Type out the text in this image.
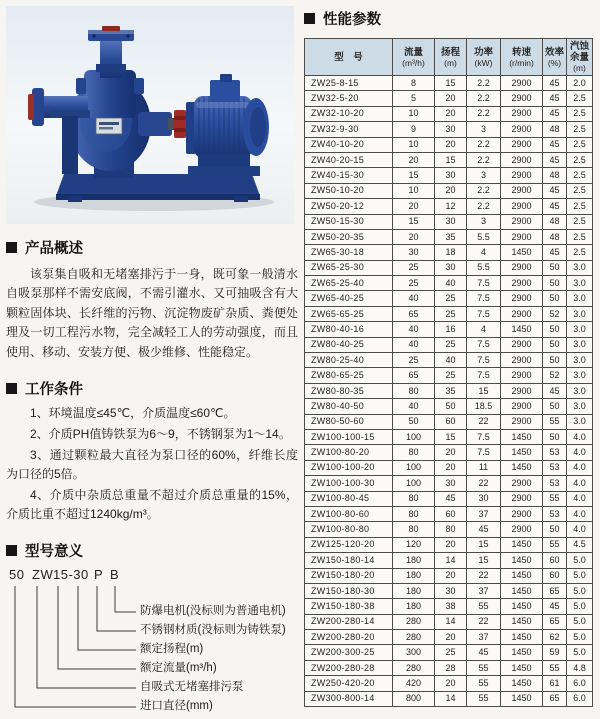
产品概述

该泵集自吸和无堵塞排污于一身，既可象一般清水自吸泵那样不需安底阀，不需引灌水、又可抽吸含有大颗粒固体块、长纤维的污物、沉淀物废矿杂质、粪便处理及一切工程污水物，完全减轻工人的劳动强度，而且使用、移动、安装方便、极少维修、性能稳定。

工作条件

1、环境温度≤45℃，介质温度≤60℃。

2、介质PH值铸铁泵为6～9，不锈钢泵为1～14。

3、通过颗粒最大直径为泵口径的60%，纤维长度为口径的5倍。

4、介质中杂质总重量不超过介质总重量的15%，介质比重不超过1240kg/m³。

型号意义
50 ZW 15-30 P B
防爆电机(没标则为普通电机)
不锈钢材质(没标则为铸铁泵)
额定扬程(m)
额定流量(m³/h)
自吸式无堵塞排污泵
进口直径(mm)
性能参数
型　号	流量
(m³/h)

扬程
(m)

功率
(kW)

转速
(r/min)

效率
(%)

汽蚀余量
(m)

ZW25-8-15	8	15	2.2	2900	45	2.0
ZW32-5-20	5	20	2.2	2900	45	2.5
ZW32-10-20	10	20	2.2	2900	45	2.5
ZW32-9-30	9	30	3	2900	48	2.5
ZW40-10-20	10	20	2.2	2900	45	2.5
ZW40-20-15	20	15	2.2	2900	45	2.5
ZW40-15-30	15	30	3	2900	48	2.5
ZW50-10-20	10	20	2.2	2900	45	2.5
ZW50-20-12	20	12	2.2	2900	45	2.5
ZW50-15-30	15	30	3	2900	48	2.5
ZW50-20-35	20	35	5.5	2900	48	2.5
ZW65-30-18	30	18	4	1450	45	2.5
ZW65-25-30	25	30	5.5	2900	50	3.0
ZW65-25-40	25	40	7.5	2900	50	3.0
ZW65-40-25	40	25	7.5	2900	50	3.0
ZW65-65-25	65	25	7.5	2900	52	3.0
ZW80-40-16	40	16	4	1450	50	3.0
ZW80-40-25	40	25	7.5	2900	50	3.0
ZW80-25-40	25	40	7.5	2900	50	3.0
ZW80-65-25	65	25	7.5	2900	52	3.0
ZW80-80-35	80	35	15	2900	45	3.0
ZW80-40-50	40	50	18.5	2900	50	3.0
ZW80-50-60	50	60	22	2900	55	3.0
ZW100-100-15	100	15	7.5	1450	50	4.0
ZW100-80-20	80	20	7.5	1450	53	4.0
ZW100-100-20	100	20	11	1450	53	4.0
ZW100-100-30	100	30	22	2900	53	4.0
ZW100-80-45	80	45	30	2900	55	4.0
ZW100-80-60	80	60	37	2900	53	4.0
ZW100-80-80	80	80	45	2900	50	4.0
ZW125-120-20	120	20	15	1450	55	4.5
ZW150-180-14	180	14	15	1450	60	5.0
ZW150-180-20	180	20	22	1450	60	5.0
ZW150-180-30	180	30	37	1450	65	5.0
ZW150-180-38	180	38	55	1450	45	5.0
ZW200-280-14	280	14	22	1450	65	5.0
ZW200-280-20	280	20	37	1450	62	5.0
ZW200-300-25	300	25	45	1450	59	5.0
ZW200-280-28	280	28	55	1450	55	4.8
ZW250-420-20	420	20	55	1450	61	6.0
ZW300-800-14	800	14	55	1450	65	6.0
